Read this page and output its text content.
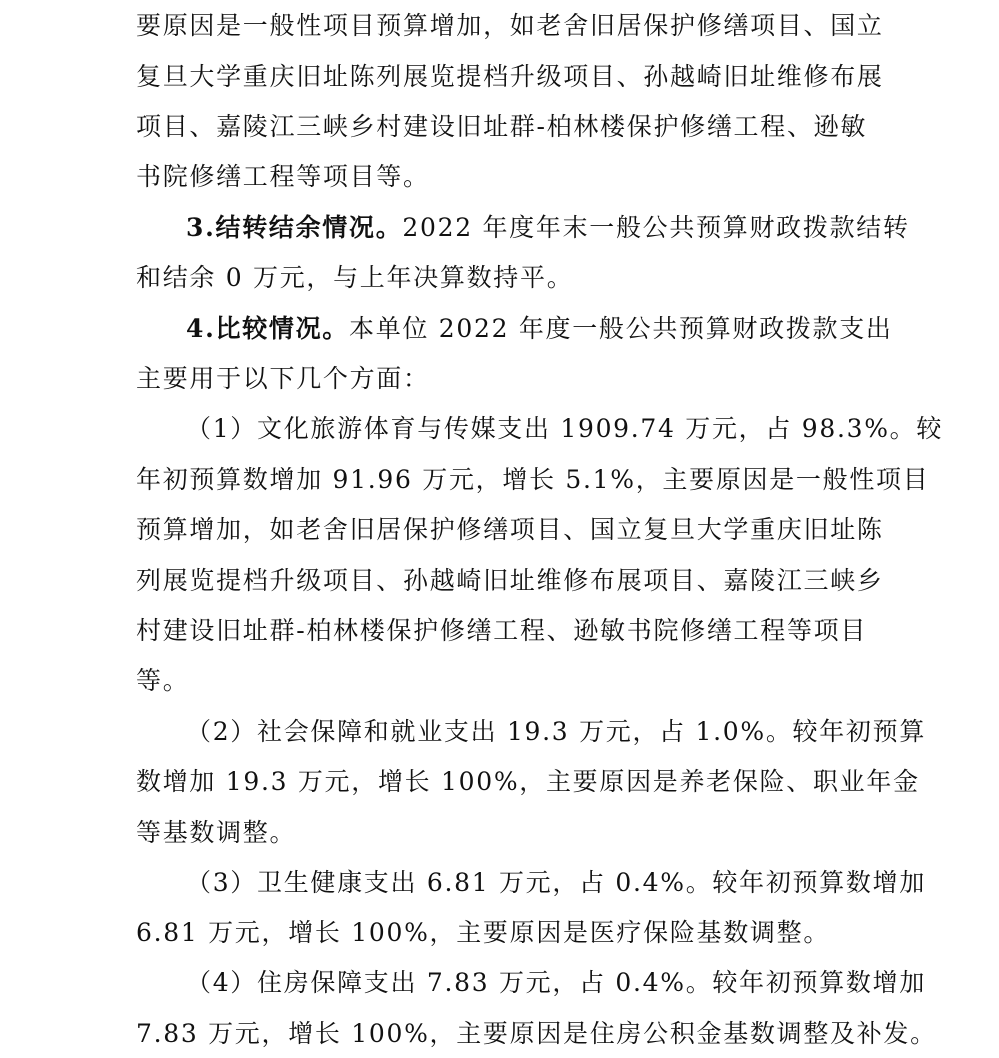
要原因是一般性项目预算增加，如老舍旧居保护修缮项目、国立
复旦大学重庆旧址陈列展览提档升级项目、孙越崎旧址维修布展
项目、嘉陵江三峡乡村建设旧址群-柏林楼保护修缮工程、逊敏
书院修缮工程等项目等。
3.结转结余情况。2022 年度年末一般公共预算财政拨款结转
和结余 0 万元，与上年决算数持平。
4.比较情况。本单位 2022 年度一般公共预算财政拨款支出
主要用于以下几个方面：
（1）文化旅游体育与传媒支出 1909.74 万元，占 98.3%。较
年初预算数增加 91.96 万元，增长 5.1%，主要原因是一般性项目
预算增加，如老舍旧居保护修缮项目、国立复旦大学重庆旧址陈
列展览提档升级项目、孙越崎旧址维修布展项目、嘉陵江三峡乡
村建设旧址群-柏林楼保护修缮工程、逊敏书院修缮工程等项目
等。
（2）社会保障和就业支出 19.3 万元，占 1.0%。较年初预算
数增加 19.3 万元，增长 100%，主要原因是养老保险、职业年金
等基数调整。
（3）卫生健康支出 6.81 万元，占 0.4%。较年初预算数增加
6.81 万元，增长 100%，主要原因是医疗保险基数调整。
（4）住房保障支出 7.83 万元，占 0.4%。较年初预算数增加
7.83 万元，增长 100%，主要原因是住房公积金基数调整及补发。
